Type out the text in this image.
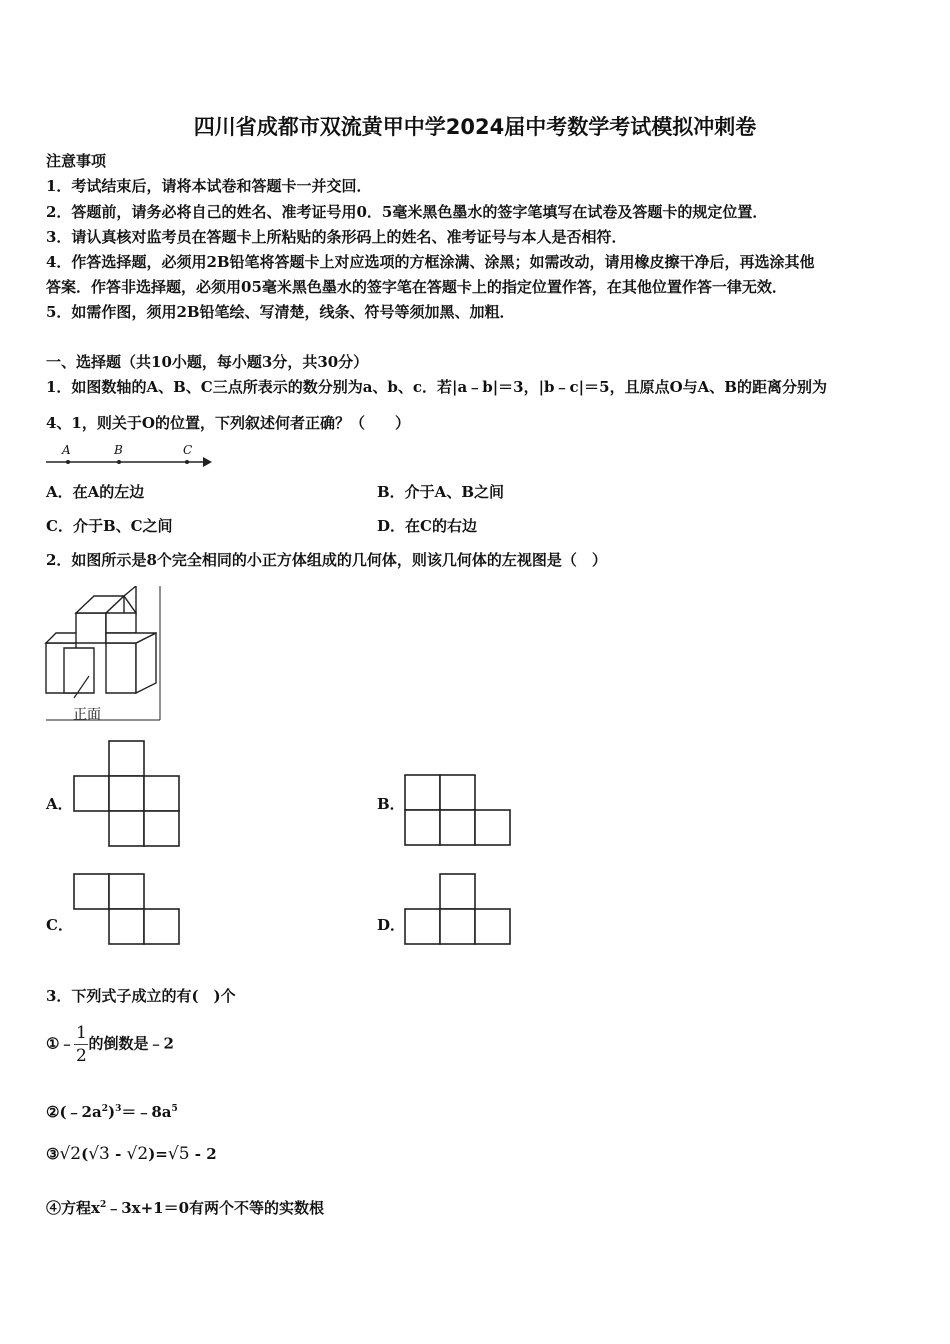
四川省成都市双流黄甲中学2024届中考数学考试模拟冲刺卷
注意事项
1．考试结束后，请将本试卷和答题卡一并交回．
2．答题前，请务必将自己的姓名、准考证号用0．5毫米黑色墨水的签字笔填写在试卷及答题卡的规定位置．
3．请认真核对监考员在答题卡上所粘贴的条形码上的姓名、准考证号与本人是否相符．
4．作答选择题，必须用2B铅笔将答题卡上对应选项的方框涂满、涂黑；如需改动，请用橡皮擦干净后，再选涂其他
答案．作答非选择题，必须用05毫米黑色墨水的签字笔在答题卡上的指定位置作答，在其他位置作答一律无效．
5．如需作图，须用2B铅笔绘、写清楚，线条、符号等须加黑、加粗．
一、选择题（共10小题，每小题3分，共30分）
1．如图数轴的A、B、C三点所表示的数分别为a、b、c．若|a﹣b|＝3，|b﹣c|＝5，且原点O与A、B的距离分别为
4、1，则关于O的位置，下列叙述何者正确？（　　）
A	B	C
A．在A的左边	B．介于A、B之间
C．介于B、C之间	D．在C的右边
2．如图所示是8个完全相同的小正方体组成的几何体，则该几何体的左视图是（　）
正面
A．	B．
C．	D．
3．下列式子成立的有(　)个
①﹣ $\frac{1}{2}$ 的倒数是﹣2
$②(﹣2a^2)^3=﹣8a^5$
③√2(√3 - √2)=√5 - 2
④方程$x^2﹣3x+1=0$有两个不等的实数根
